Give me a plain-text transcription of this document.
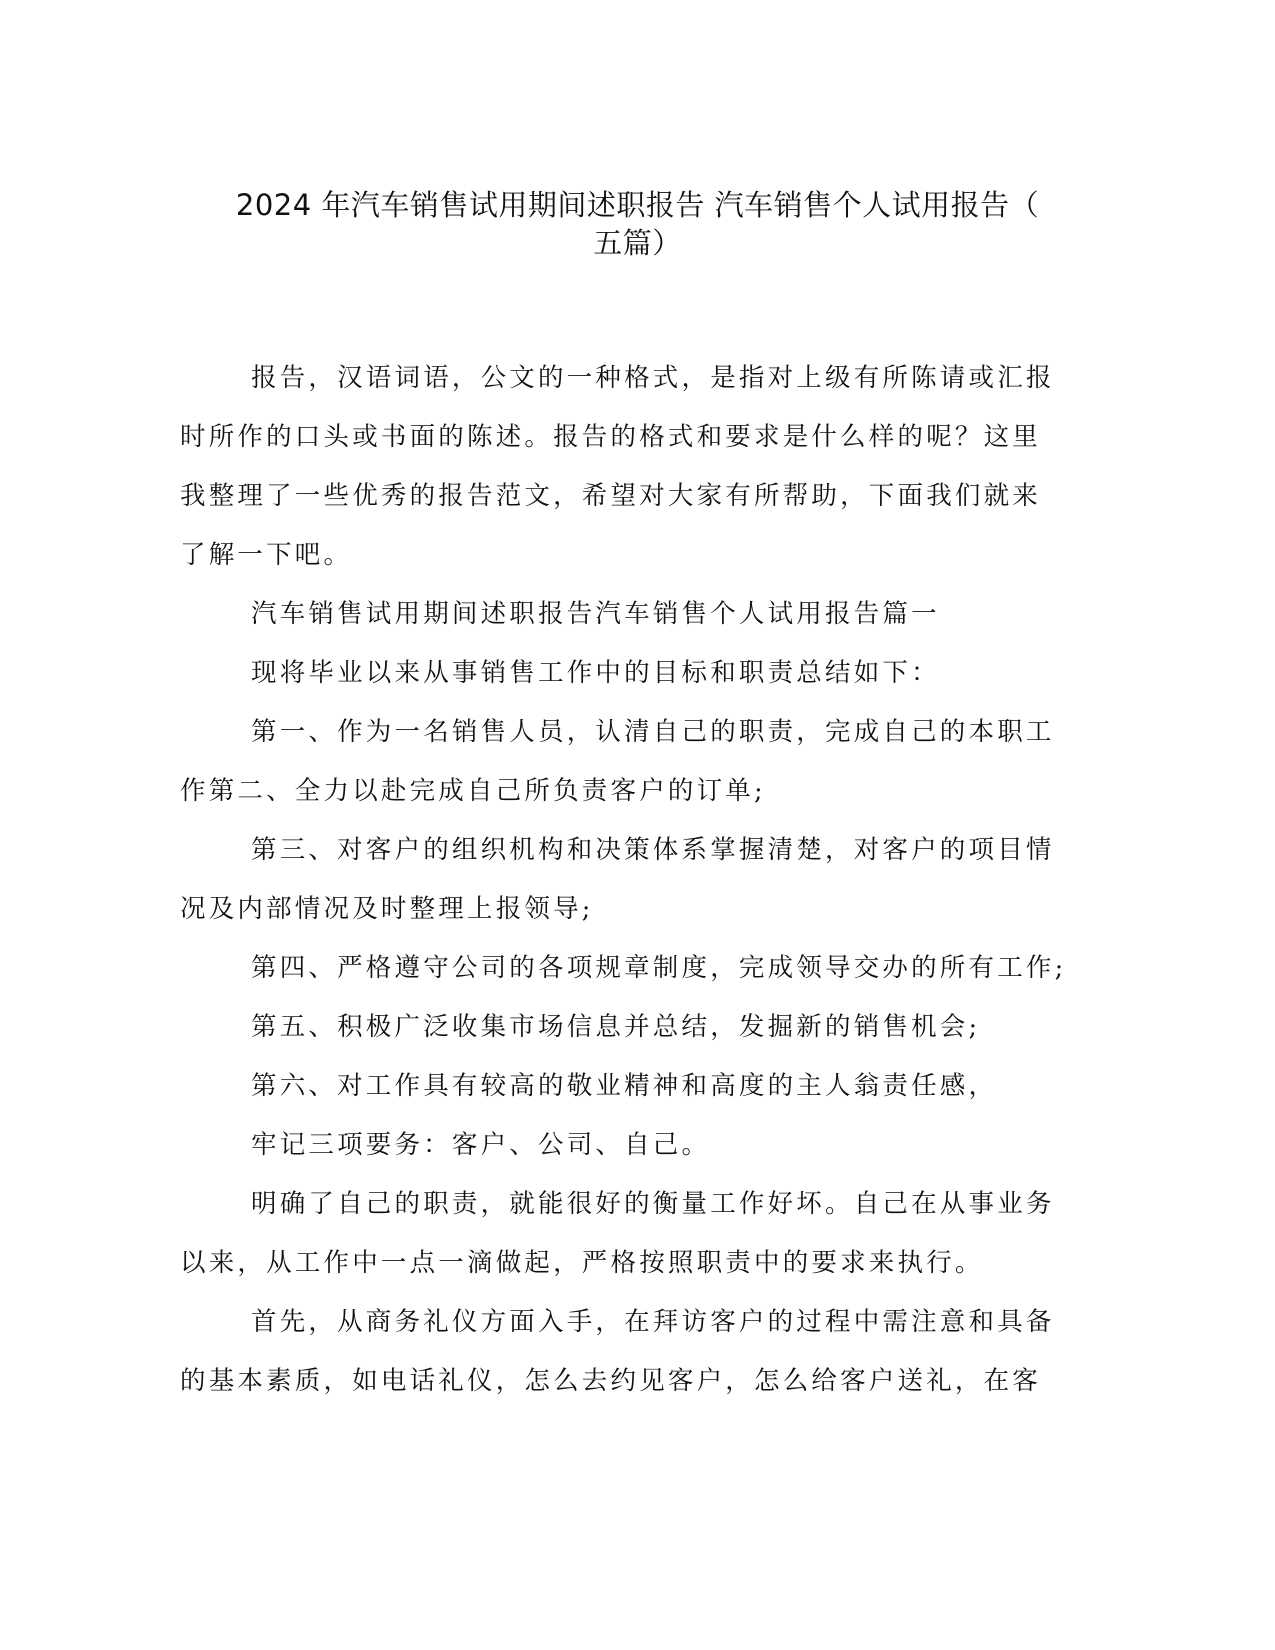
2024 年汽车销售试用期间述职报告 汽车销售个人试用报告（
五篇）
报告，汉语词语，公文的一种格式，是指对上级有所陈请或汇报
时所作的口头或书面的陈述。报告的格式和要求是什么样的呢？这里
我整理了一些优秀的报告范文，希望对大家有所帮助，下面我们就来
了解一下吧。
汽车销售试用期间述职报告汽车销售个人试用报告篇一
现将毕业以来从事销售工作中的目标和职责总结如下：
第一、作为一名销售人员，认清自己的职责，完成自己的本职工
作第二、全力以赴完成自己所负责客户的订单;
第三、对客户的组织机构和决策体系掌握清楚，对客户的项目情
况及内部情况及时整理上报领导;
第四、严格遵守公司的各项规章制度，完成领导交办的所有工作;
第五、积极广泛收集市场信息并总结，发掘新的销售机会;
第六、对工作具有较高的敬业精神和高度的主人翁责任感，
牢记三项要务：客户、公司、自己。
明确了自己的职责，就能很好的衡量工作好坏。自己在从事业务
以来，从工作中一点一滴做起，严格按照职责中的要求来执行。
首先，从商务礼仪方面入手，在拜访客户的过程中需注意和具备
的基本素质，如电话礼仪，怎么去约见客户，怎么给客户送礼，在客
